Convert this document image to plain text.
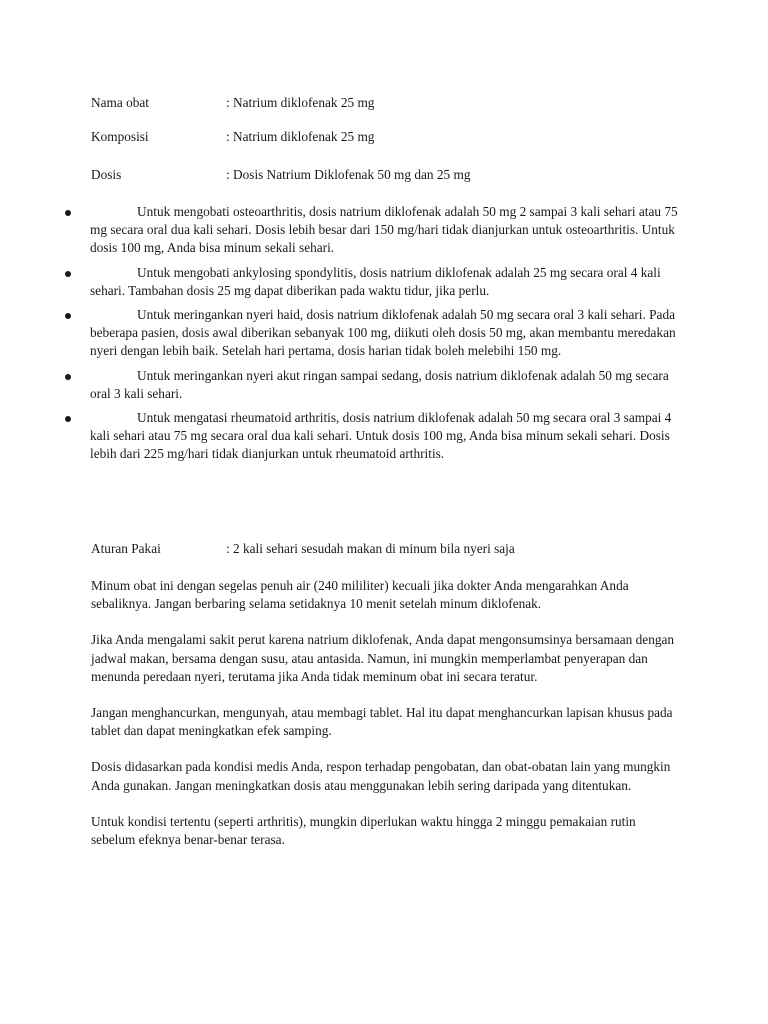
Nama obat	: Natrium diklofenak 25 mg
Komposisi	: Natrium diklofenak 25 mg
Dosis	: Dosis Natrium Diklofenak 50 mg dan 25 mg
Untuk mengobati osteoarthritis, dosis natrium diklofenak adalah 50 mg 2 sampai 3 kali sehari atau 75 mg secara oral dua kali sehari. Dosis lebih besar dari 150 mg/hari tidak dianjurkan untuk osteoarthritis. Untuk dosis 100 mg, Anda bisa minum sekali sehari.
Untuk mengobati ankylosing spondylitis, dosis natrium diklofenak adalah 25 mg secara oral 4 kali sehari. Tambahan dosis 25 mg dapat diberikan pada waktu tidur, jika perlu.
Untuk meringankan nyeri haid, dosis natrium diklofenak adalah 50 mg secara oral 3 kali sehari. Pada beberapa pasien, dosis awal diberikan sebanyak 100 mg, diikuti oleh dosis 50 mg, akan membantu meredakan nyeri dengan lebih baik. Setelah hari pertama, dosis harian tidak boleh melebihi 150 mg.
Untuk meringankan nyeri akut ringan sampai sedang, dosis natrium diklofenak adalah 50 mg secara oral 3 kali sehari.
Untuk mengatasi rheumatoid arthritis, dosis natrium diklofenak adalah 50 mg secara oral 3 sampai 4 kali sehari atau 75 mg secara oral dua kali sehari. Untuk dosis 100 mg, Anda bisa minum sekali sehari. Dosis lebih dari 225 mg/hari tidak dianjurkan untuk rheumatoid arthritis.
Aturan Pakai	: 2 kali sehari sesudah makan di minum bila nyeri saja

Minum obat ini dengan segelas penuh air (240 mililiter) kecuali jika dokter Anda mengarahkan Anda sebaliknya. Jangan berbaring selama setidaknya 10 menit setelah minum diklofenak.

Jika Anda mengalami sakit perut karena natrium diklofenak, Anda dapat mengonsumsinya bersamaan dengan jadwal makan, bersama dengan susu, atau antasida. Namun, ini mungkin memperlambat penyerapan dan menunda peredaan nyeri, terutama jika Anda tidak meminum obat ini secara teratur.

Jangan menghancurkan, mengunyah, atau membagi tablet. Hal itu dapat menghancurkan lapisan khusus pada tablet dan dapat meningkatkan efek samping.

Dosis didasarkan pada kondisi medis Anda, respon terhadap pengobatan, dan obat-obatan lain yang mungkin Anda gunakan. Jangan meningkatkan dosis atau menggunakan lebih sering daripada yang ditentukan.

Untuk kondisi tertentu (seperti arthritis), mungkin diperlukan waktu hingga 2 minggu pemakaian rutin sebelum efeknya benar-benar terasa.
